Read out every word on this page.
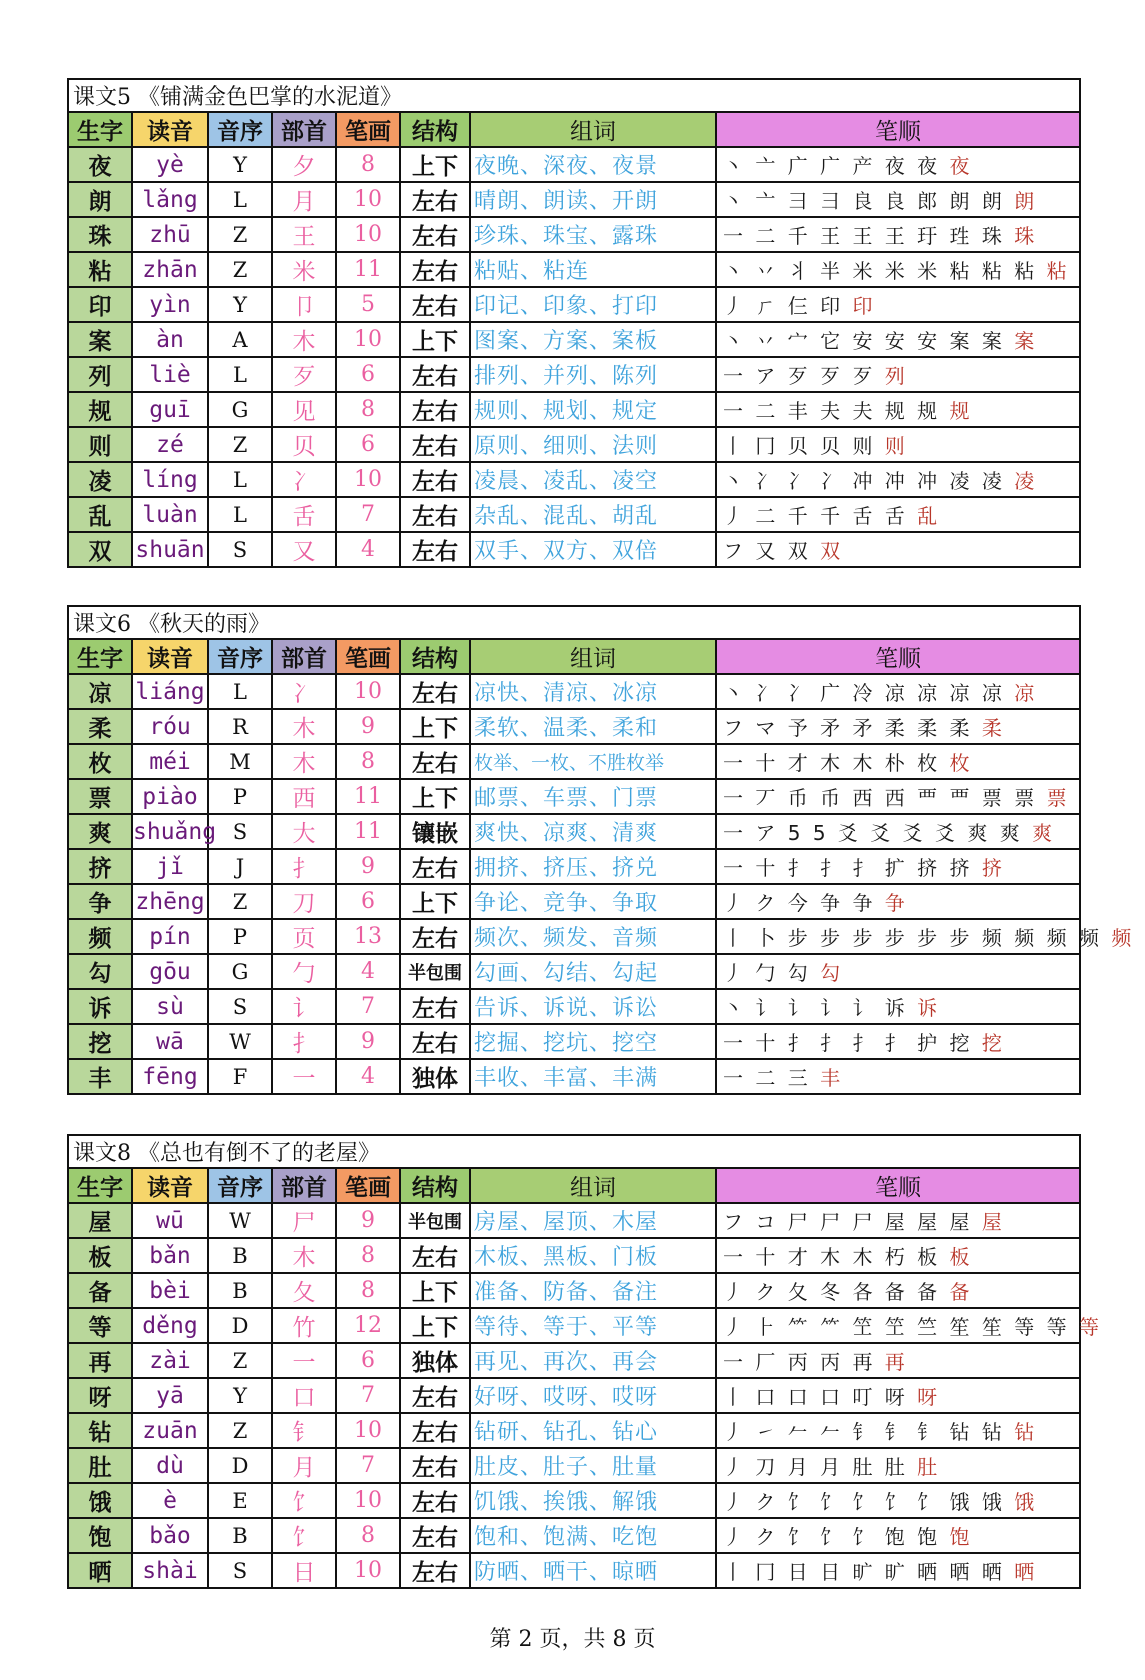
课文5 《铺满金色巴掌的水泥道》							
生字	读音	音序	部首	笔画	结构	组词	笔顺
夜	yè	Y	夕	8	上下	夜晚、深夜、夜景	丶 亠 广 广 产 夜 夜 夜
朗	lǎng	L	月	10	左右	晴朗、朗读、开朗	丶 亠 彐 彐 良 良 郎 朗 朗 朗
珠	zhū	Z	王	10	左右	珍珠、珠宝、露珠	一 二 千 王 王 王 玗 珄 珠 珠
粘	zhān	Z	米	11	左右	粘贴、粘连	丶 丷 丬 半 米 米 米 粘 粘 粘 粘
印	yìn	Y	卩	5	左右	印记、印象、打印	丿 ㄏ 仨 印 印
案	àn	A	木	10	上下	图案、方案、案板	丶 丷 宀 它 安 安 安 案 案 案
列	liè	L	歹	6	左右	排列、并列、陈列	一 ア 歹 歹 歹 列
规	guī	G	见	8	左右	规则、规划、规定	一 二 丰 夫 夫 规 规 规
则	zé	Z	贝	6	左右	原则、细则、法则	丨 冂 贝 贝 则 则
凌	líng	L	冫	10	左右	凌晨、凌乱、凌空	丶 冫 冫 冫 冲 冲 冲 凌 凌 凌
乱	luàn	L	舌	7	左右	杂乱、混乱、胡乱	丿 二 千 千 舌 舌 乱
双	shuān	S	又	4	左右	双手、双方、双倍	フ 又 双 双
课文6 《秋天的雨》							
生字	读音	音序	部首	笔画	结构	组词	笔顺
凉	liáng	L	冫	10	左右	凉快、清凉、冰凉	丶 冫 冫 广 冷 凉 凉 凉 凉 凉
柔	róu	R	木	9	上下	柔软、温柔、柔和	フ マ 予 矛 矛 柔 柔 柔 柔
枚	méi	M	木	8	左右	枚举、一枚、不胜枚举	一 十 才 木 木 朴 枚 枚
票	piào	P	西	11	上下	邮票、车票、门票	一 丆 币 币 西 西 覀 覀 票 票 票
爽	shuǎng	S	大	11	镶嵌	爽快、凉爽、清爽	一 ア 5 5 爻 爻 爻 爻 爽 爽 爽
挤	jǐ	J	扌	9	左右	拥挤、挤压、挤兑	一 十 扌 扌 扌 扩 挤 挤 挤
争	zhēng	Z	刀	6	上下	争论、竞争、争取	丿 ク 今 争 争 争
频	pín	P	页	13	左右	频次、频发、音频	丨 卜 步 步 步 步 步 步 频 频 频 频 频
勾	gōu	G	勹	4	半包围	勾画、勾结、勾起	丿 勹 勾 勾
诉	sù	S	讠	7	左右	告诉、诉说、诉讼	丶 讠 讠 讠 讠 诉 诉
挖	wā	W	扌	9	左右	挖掘、挖坑、挖空	一 十 扌 扌 扌 扌 护 挖 挖
丰	fēng	F	一	4	独体	丰收、丰富、丰满	一 二 三 丰
课文8 《总也有倒不了的老屋》							
生字	读音	音序	部首	笔画	结构	组词	笔顺
屋	wū	W	尸	9	半包围	房屋、屋顶、木屋	フ コ 尸 尸 尸 屋 屋 屋 屋
板	bǎn	B	木	8	左右	木板、黑板、门板	一 十 才 木 木 朽 板 板
备	bèi	B	夂	8	上下	准备、防备、备注	丿 ク 夂 冬 各 备 备 备
等	děng	D	竹	12	上下	等待、等于、平等	丿 ⺊ ⺮ ⺮ 笁 笁 竺 笙 笙 等 等 等
再	zài	Z	一	6	独体	再见、再次、再会	一 厂 丙 丙 再 再
呀	yā	Y	口	7	左右	好呀、哎呀、哎呀	丨 口 口 口 叮 呀 呀
钻	zuān	Z	钅	10	左右	钻研、钻孔、钻心	丿 ㇀ 𠂉 𠂉 钅 钅 钅 钻 钻 钻
肚	dù	D	月	7	左右	肚皮、肚子、肚量	丿 刀 月 月 肚 肚 肚
饿	è	E	饣	10	左右	饥饿、挨饿、解饿	丿 ク 饣 饣 饣 饣 饣 饿 饿 饿
饱	bǎo	B	饣	8	左右	饱和、饱满、吃饱	丿 ク 饣 饣 饣 饱 饱 饱
晒	shài	S	日	10	左右	防晒、晒干、晾晒	丨 冂 日 日 旷 旷 晒 晒 晒 晒
第 2 页，共 8 页
